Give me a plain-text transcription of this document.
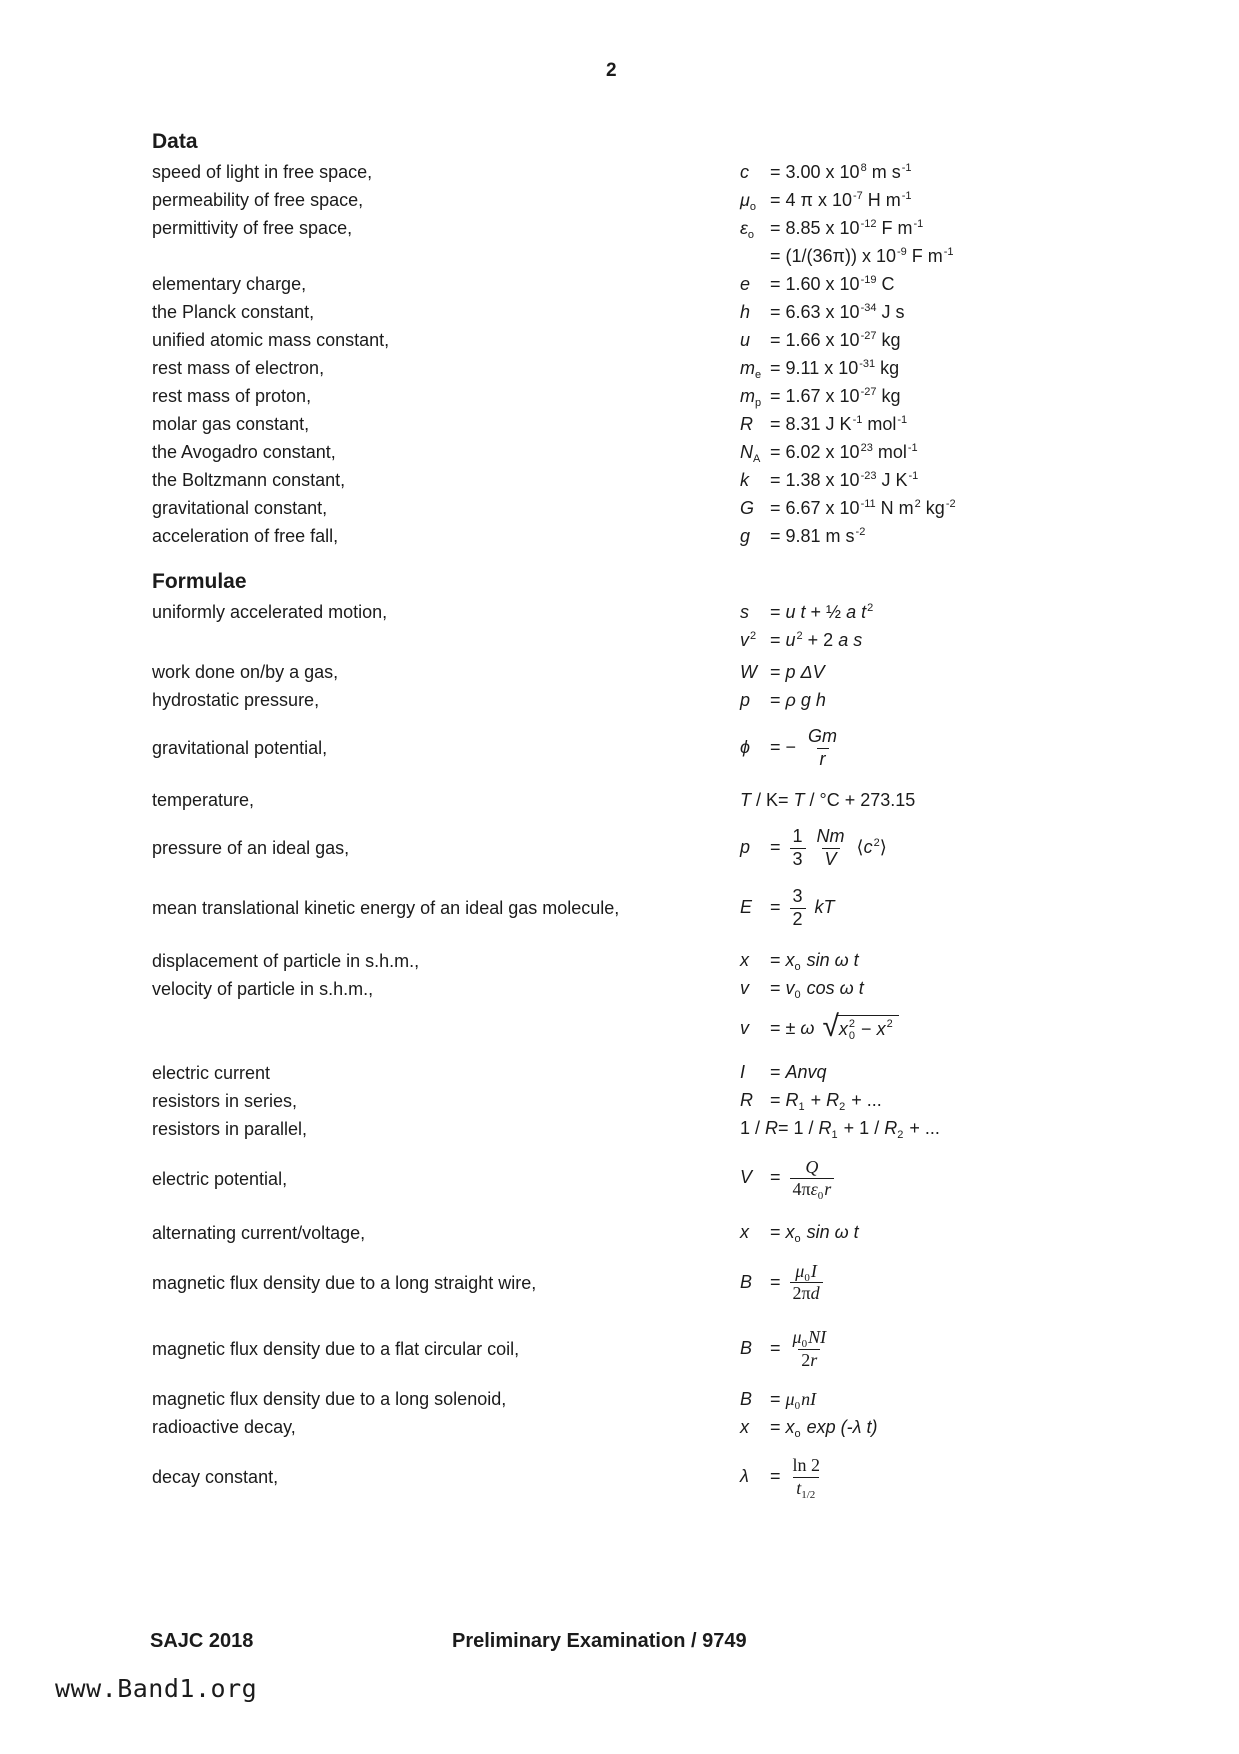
2
Data
speed of light in free space,	c = 3.00 x 108 m s-1
permeability of free space,	μo = 4 π x 10-7 H m-1
permittivity of free space,	εo = 8.85 x 10-12 F m-1
= (1/(36π)) x 10-9 F m-1
elementary charge,	e = 1.60 x 10-19 C
the Planck constant,	h = 6.63 x 10-34 J s
unified atomic mass constant,	u = 1.66 x 10-27 kg
rest mass of electron,	me = 9.11 x 10-31 kg
rest mass of proton,	mp = 1.67 x 10-27 kg
molar gas constant,	R = 8.31 J K-1 mol-1
the Avogadro constant,	NA = 6.02 x 1023 mol-1
the Boltzmann constant,	k = 1.38 x 10-23 J K-1
gravitational constant,	G = 6.67 x 10-11 N m2 kg-2
acceleration of free fall,	g = 9.81 m s-2
Formulae
uniformly accelerated motion,	s = u t + ½ a t2
v2 = u2 + 2 a s
work done on/by a gas,	W = p ΔV
hydrostatic pressure,	p = ρ g h
gravitational potential,	ϕ = − $\frac{Gm}{r}$
temperature,	T / K= T / °C + 273.15
pressure of an ideal gas,	$p = \frac{1}{3} \frac{Nm}{V}$ ⟨c2⟩
mean translational kinetic energy of an ideal gas molecule,	$E = \frac{3}{2}$ kT
displacement of particle in s.h.m.,	x = xo sin ω t
velocity of particle in s.h.m.,	v = v0 cos ω t
v = ± ω √ x 2
0 − x2
electric current	I = Anvq
resistors in series,	R = R1 + R2 + ...
resistors in parallel,	1 / R= 1 / R1 + 1 / R2 + ...
electric potential,	$V = \frac{Q}{4\pi\varepsilon 0r}$
alternating current/voltage,	x = xo sin ω t
magnetic flux density due to a long straight wire,	$B = \frac{\mu 0I}{2\pi d}$
magnetic flux density due to a flat circular coil,	$B = \frac{\mu 0NI}{2r}$
magnetic flux density due to a long solenoid,	B = μ0nI
radioactive decay,	x = xo exp (-λ t)
decay constant,	$\lambda = \frac{\ln 2}{t1/2}$
SAJC 2018	Preliminary Examination / 9749
www.Band1.org
